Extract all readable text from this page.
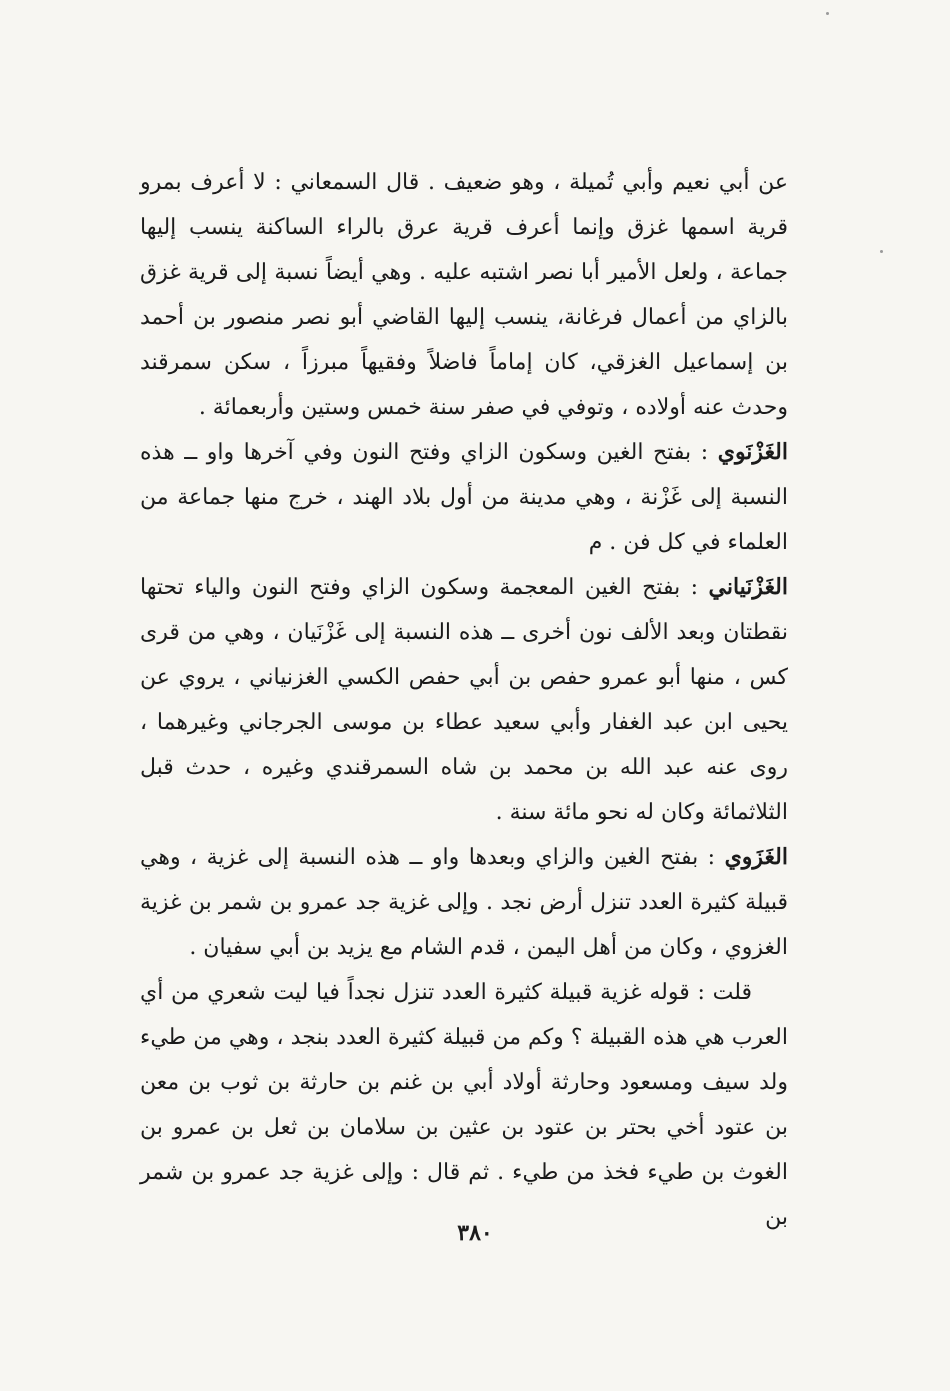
عن أبي نعيم وأبي تُميلة ، وهو ضعيف . قال السمعاني : لا أعرف بمرو قرية اسمها غزق وإنما أعرف قرية عرق بالراء الساكنة ينسب إليها جماعة ، ولعل الأمير أبا نصر اشتبه عليه . وهي أيضاً نسبة إلى قرية غزق بالزاي من أعمال فرغانة، ينسب إليها القاضي أبو نصر منصور بن أحمد بن إسماعيل الغزقي، كان إماماً فاضلاً وفقيهاً مبرزاً ، سكن سمرقند وحدث عنه أولاده ، وتوفي في صفر سنة خمس وستين وأربعمائة .

الغَزْنَوي : بفتح الغين وسكون الزاي وفتح النون وفي آخرها واو ــ هذه النسبة إلى غَزْنة ، وهي مدينة من أول بلاد الهند ، خرج منها جماعة من العلماء في كل فن . م

الغَزْنَياني : بفتح الغين المعجمة وسكون الزاي وفتح النون والياء تحتها نقطتان وبعد الألف نون أخرى ــ هذه النسبة إلى غَزْنَيان ، وهي من قرى كس ، منها أبو عمرو حفص بن أبي حفص الكسي الغزنياني ، يروي عن يحيى ابن عبد الغفار وأبي سعيد عطاء بن موسى الجرجاني وغيرهما ، روى عنه عبد الله بن محمد بن شاه السمرقندي وغيره ، حدث قبل الثلاثمائة وكان له نحو مائة سنة .

الغَزَوي : بفتح الغين والزاي وبعدها واو ــ هذه النسبة إلى غزية ، وهي قبيلة كثيرة العدد تنزل أرض نجد . وإلى غزية جد عمرو بن شمر بن غزية الغزوي ، وكان من أهل اليمن ، قدم الشام مع يزيد بن أبي سفيان .

قلت : قوله غزية قبيلة كثيرة العدد تنزل نجداً فيا ليت شعري من أي العرب هي هذه القبيلة ؟ وكم من قبيلة كثيرة العدد بنجد ، وهي من طيء ولد سيف ومسعود وحارثة أولاد أبي بن غنم بن حارثة بن ثوب بن معن بن عتود أخي بحتر بن عتود بن عثين بن سلامان بن ثعل بن عمرو بن الغوث بن طيء فخذ من طيء . ثم قال : وإلى غزية جد عمرو بن شمر بن

٣٨٠
